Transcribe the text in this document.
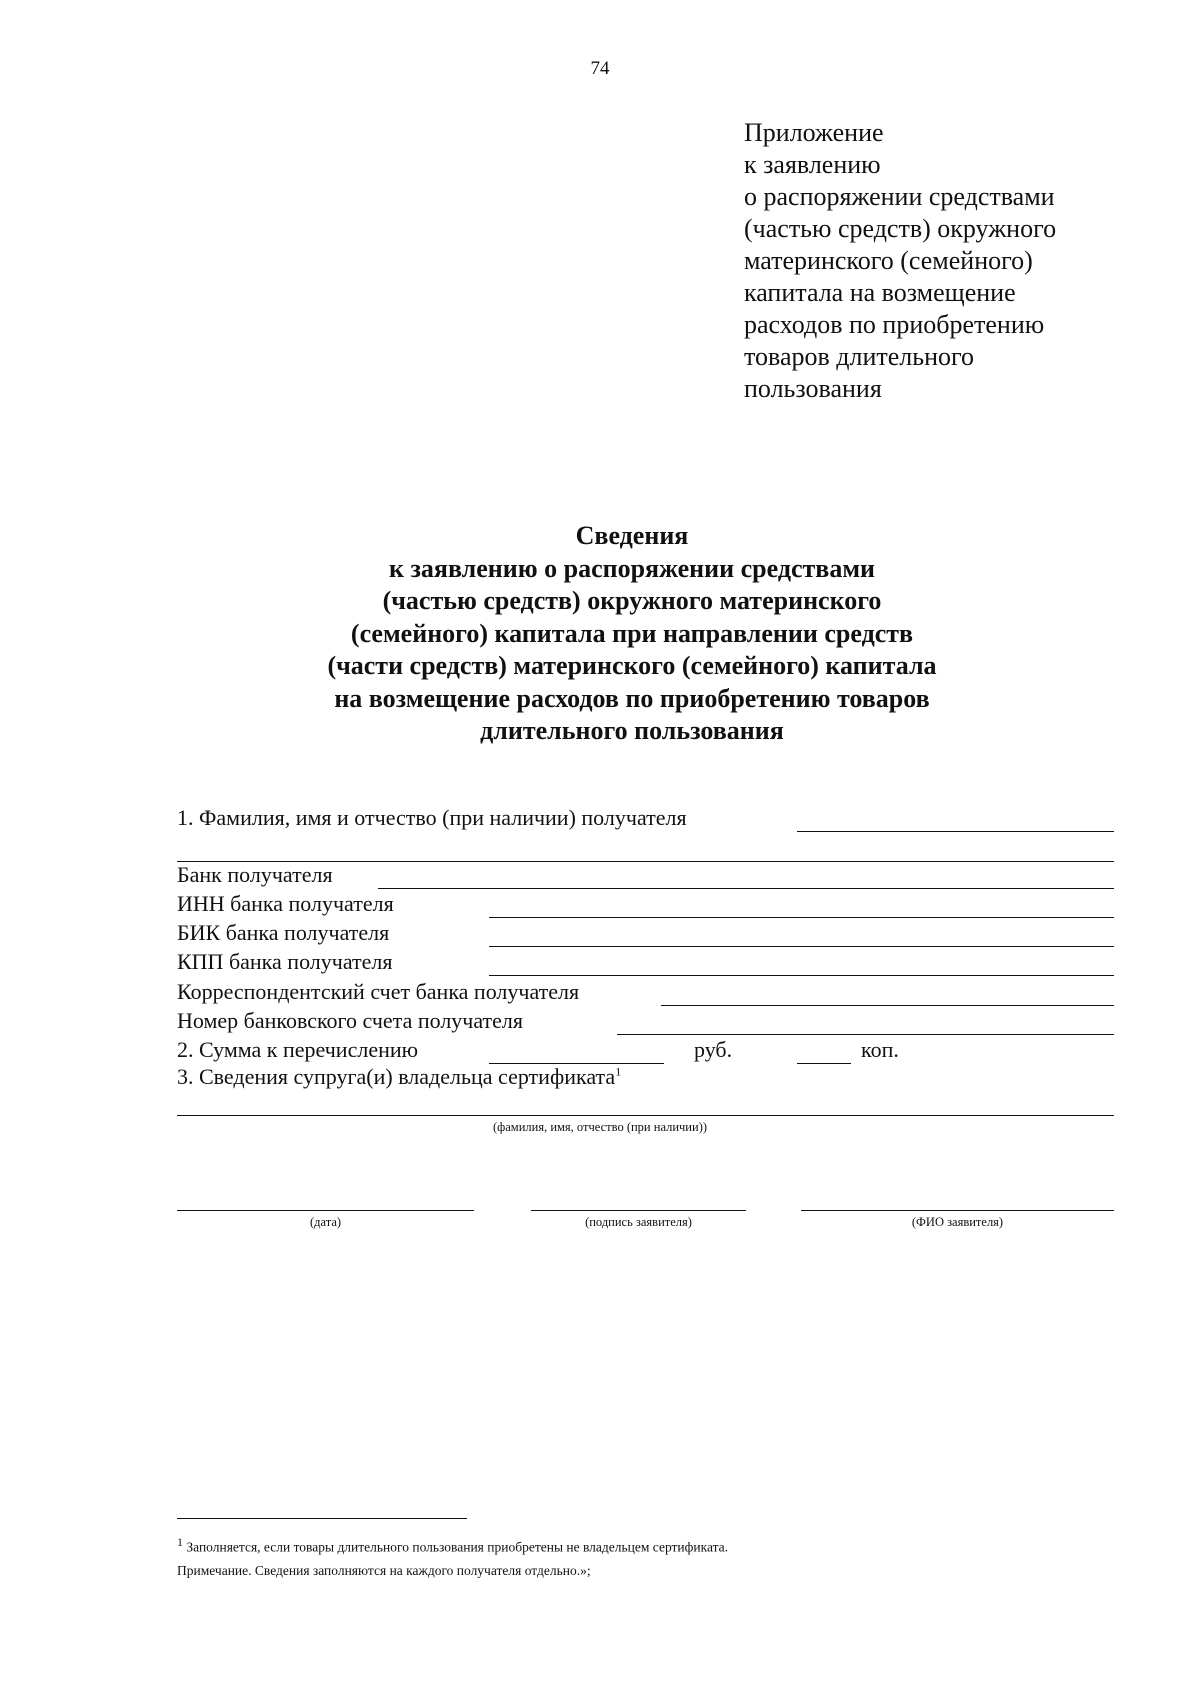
74
Приложение
к заявлению
о распоряжении средствами
(частью средств) окружного
материнского (семейного)
капитала на возмещение
расходов по приобретению
товаров длительного
пользования
Сведения
к заявлению о распоряжении средствами
(частью средств) окружного материнского
(семейного) капитала при направлении средств
(части средств) материнского (семейного) капитала
на возмещение расходов по приобретению товаров
длительного пользования
1. Фамилия, имя и отчество (при наличии) получателя
Банк получателя
ИНН банка получателя
БИК банка получателя
КПП банка получателя
Корреспондентский счет банка получателя
Номер банковского счета получателя
2. Сумма к перечислению	руб.	коп.
3. Сведения супруга(и) владельца сертификата$^1$
(фамилия, имя, отчество (при наличии))
(дата)	(подпись заявителя)	(ФИО заявителя)
$^1$ Заполняется, если товары длительного пользования приобретены не владельцем сертификата.
Примечание. Сведения заполняются на каждого получателя отдельно.»;
